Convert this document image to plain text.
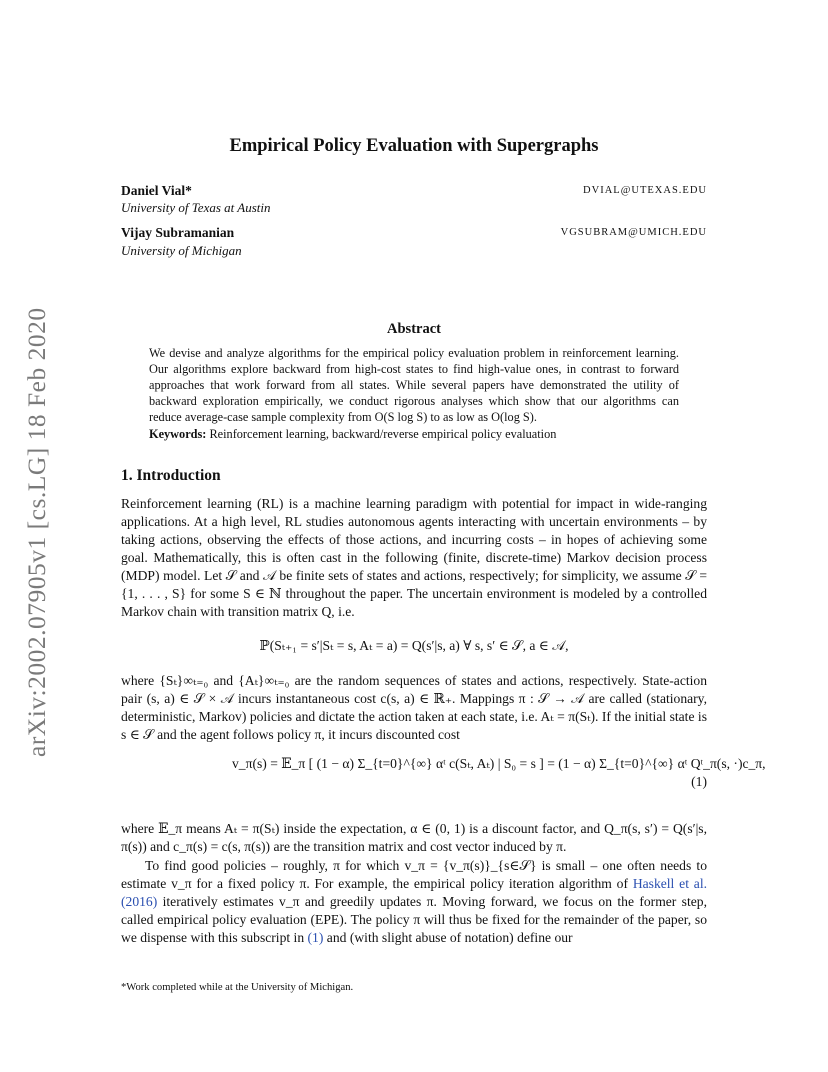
arXiv:2002.07905v1 [cs.LG] 18 Feb 2020
Empirical Policy Evaluation with Supergraphs
Daniel Vial*
University of Texas at Austin
DVIAL@UTEXAS.EDU
Vijay Subramanian
University of Michigan
VGSUBRAM@UMICH.EDU
Abstract
We devise and analyze algorithms for the empirical policy evaluation problem in reinforcement learning. Our algorithms explore backward from high-cost states to find high-value ones, in contrast to forward approaches that work forward from all states. While several papers have demonstrated the utility of backward exploration empirically, we conduct rigorous analyses which show that our algorithms can reduce average-case sample complexity from O(S log S) to as low as O(log S).
Keywords: Reinforcement learning, backward/reverse empirical policy evaluation
1. Introduction
Reinforcement learning (RL) is a machine learning paradigm with potential for impact in wide-ranging applications. At a high level, RL studies autonomous agents interacting with uncertain environments – by taking actions, observing the effects of those actions, and incurring costs – in hopes of achieving some goal. Mathematically, this is often cast in the following (finite, discrete-time) Markov decision process (MDP) model. Let 𝒮 and 𝒜 be finite sets of states and actions, respectively; for simplicity, we assume 𝒮 = {1, . . . , S} for some S ∈ ℕ throughout the paper. The uncertain environment is modeled by a controlled Markov chain with transition matrix Q, i.e.
ℙ(Sₜ₊₁ = s′|Sₜ = s, Aₜ = a) = Q(s′|s, a) ∀ s, s′ ∈ 𝒮, a ∈ 𝒜,
where {Sₜ}∞ₜ₌₀ and {Aₜ}∞ₜ₌₀ are the random sequences of states and actions, respectively. State-action pair (s, a) ∈ 𝒮 × 𝒜 incurs instantaneous cost c(s, a) ∈ ℝ₊. Mappings π : 𝒮 → 𝒜 are called (stationary, deterministic, Markov) policies and dictate the action taken at each state, i.e. Aₜ = π(Sₜ). If the initial state is s ∈ 𝒮 and the agent follows policy π, it incurs discounted cost
v_π(s) = 𝔼_π [ (1 − α) Σ_{t=0}^{∞} αᵗ c(Sₜ, Aₜ) | S₀ = s ] = (1 − α) Σ_{t=0}^{∞} αᵗ Qᵗ_π(s, ·)c_π,
(1)
where 𝔼_π means Aₜ = π(Sₜ) inside the expectation, α ∈ (0, 1) is a discount factor, and Q_π(s, s′) = Q(s′|s, π(s)) and c_π(s) = c(s, π(s)) are the transition matrix and cost vector induced by π.
To find good policies – roughly, π for which v_π = {v_π(s)}_{s∈𝒮} is small – one often needs to estimate v_π for a fixed policy π. For example, the empirical policy iteration algorithm of Haskell et al. (2016) iteratively estimates v_π and greedily updates π. Moving forward, we focus on the former step, called empirical policy evaluation (EPE). The policy π will thus be fixed for the remainder of the paper, so we dispense with this subscript in (1) and (with slight abuse of notation) define our
*Work completed while at the University of Michigan.
